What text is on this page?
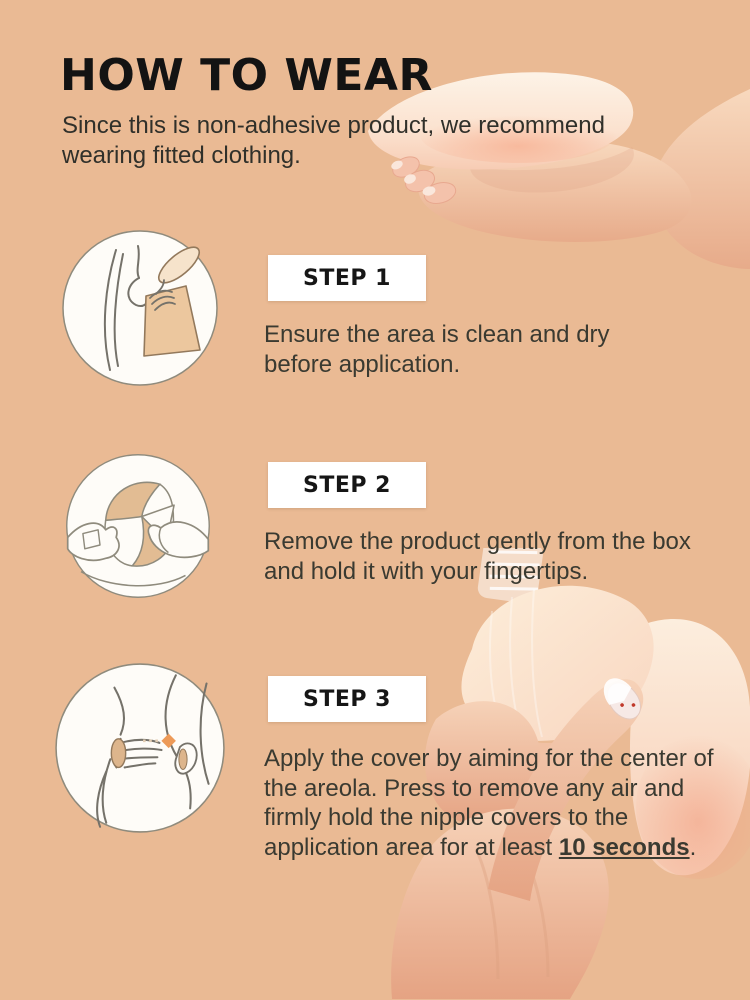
HOW TO WEAR
Since this is non-adhesive product, we recommend wearing fitted clothing.
STEP 1
Ensure the area is clean and dry before application.
STEP 2
Remove the product gently from the box and hold it with your fingertips.
STEP 3
Apply the cover by aiming for the center of the areola. Press to remove any air and firmly hold the nipple covers to the application area for at least 10 seconds.
